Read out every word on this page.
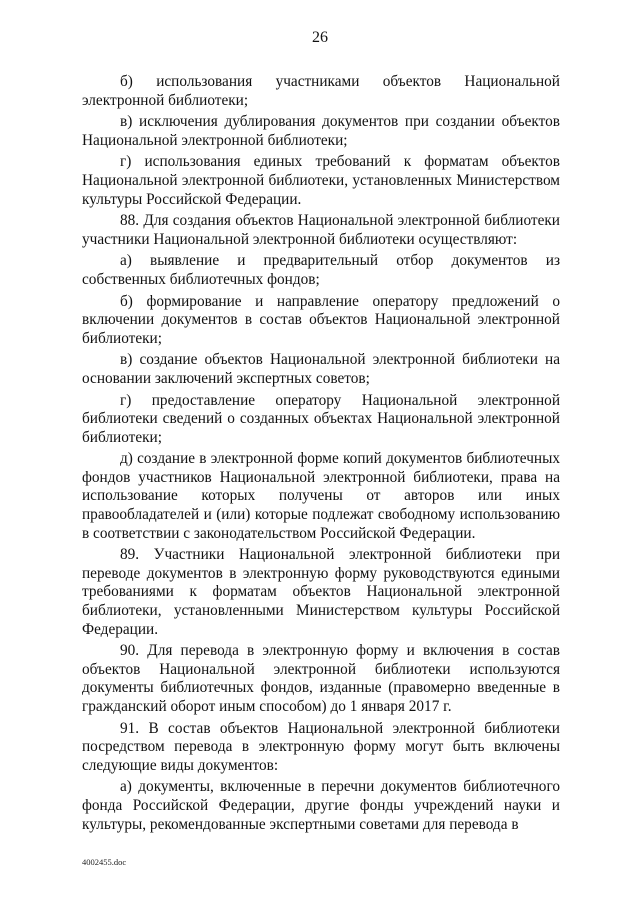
26

б) использования участниками объектов Национальной электронной библиотеки;

в) исключения дублирования документов при создании объектов Национальной электронной библиотеки;

г) использования единых требований к форматам объектов Национальной электронной библиотеки, установленных Министерством культуры Российской Федерации.

88. Для создания объектов Национальной электронной библиотеки участники Национальной электронной библиотеки осуществляют:

а) выявление и предварительный отбор документов из собственных библиотечных фондов;

б) формирование и направление оператору предложений о включении документов в состав объектов Национальной электронной библиотеки;

в) создание объектов Национальной электронной библиотеки на основании заключений экспертных советов;

г) предоставление оператору Национальной электронной библиотеки сведений о созданных объектах Национальной электронной библиотеки;

д) создание в электронной форме копий документов библиотечных фондов участников Национальной электронной библиотеки, права на использование которых получены от авторов или иных правообладателей и (или) которые подлежат свободному использованию в соответствии с законодательством Российской Федерации.

89. Участники Национальной электронной библиотеки при переводе документов в электронную форму руководствуются едиными требованиями к форматам объектов Национальной электронной библиотеки, установленными Министерством культуры Российской Федерации.

90. Для перевода в электронную форму и включения в состав объектов Национальной электронной библиотеки используются документы библиотечных фондов, изданные (правомерно введенные в гражданский оборот иным способом) до 1 января 2017 г.

91. В состав объектов Национальной электронной библиотеки посредством перевода в электронную форму могут быть включены следующие виды документов:

а) документы, включенные в перечни документов библиотечного фонда Российской Федерации, другие фонды учреждений науки и культуры, рекомендованные экспертными советами для перевода в

4002455.doc
